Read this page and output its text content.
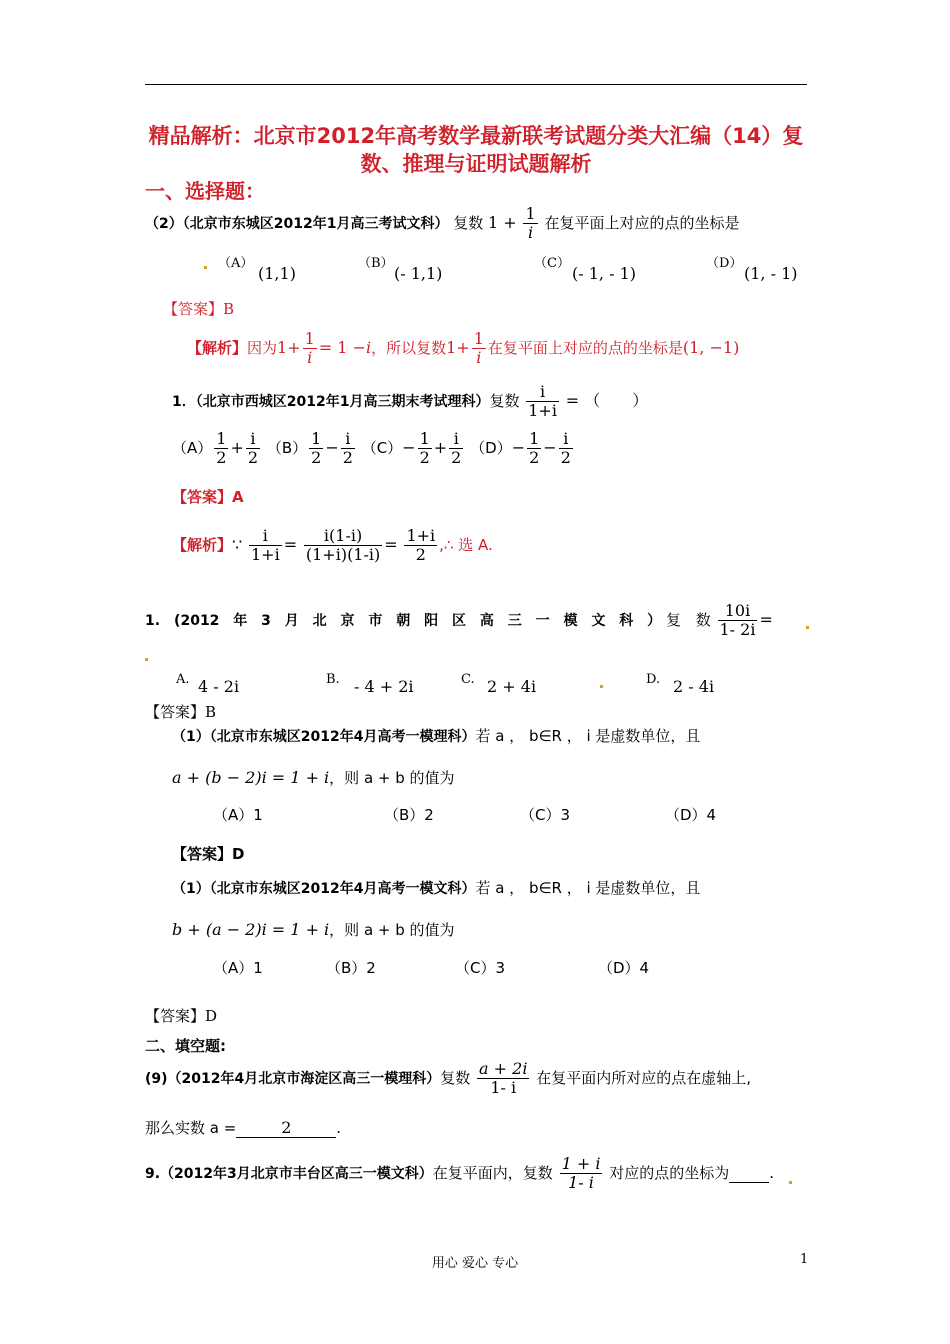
精品解析：北京市2012年高考数学最新联考试题分类大汇编（14）复数、推理与证明试题解析
一、选择题：
（2）（北京市东城区2012年1月高三考试文科） 复数 $1 + \frac{1}{i}$ 在复平面上对应的点的坐标是
（A）
(1,1)
（B）
(- 1,1)
（C）
(- 1, - 1)
（D）
(1, - 1)
【答案】B
【解析】因为$1+ \frac{1}{i} = 1 -i$，所以复数$1+ \frac{1}{i}$ 在复平面上对应的点的坐标是(1, −1)
1．（北京市西城区2012年1月高三期末考试理科）复数 $\frac{i}{1+i}$ = （　　）
$(A) \frac{1}{2} + \frac{i}{2} (B) \frac{1}{2} - \frac{i}{2} (C)- \frac{1}{2} + \frac{i}{2} (D)- \frac{1}{2} - \frac{i}{2}$
【答案】A
【解析】∵ $\frac{i}{1+i} = \frac{i(1-i)}{(1+i)(1-i)} = \frac{1+i}{2}$ ,∴ 选 A.
1.　(2012 年 3 月 北 京 市 朝 阳 区 高 三 一 模 文 科 ） 复 数 $\frac{10i}{1- 2i}$ =
A. 4 - 2i	B. - 4 + 2i	C. 2 + 4i	D. 2 - 4i
【答案】B
（1）（北京市东城区2012年4月高考一模理科）若 a ， b∈R ， i 是虚数单位，且
a + (b − 2)i = 1 + i，则 a + b 的值为
（A）1	（B）2	（C）3	（D）4
【答案】D
（1）（北京市东城区2012年4月高考一模文科）若 a ， b∈R ， i 是虚数单位，且
b + (a − 2)i = 1 + i，则 a + b 的值为
（A）1	（B）2	（C）3	（D）4
【答案】D
二、填空题:
(9)（2012年4月北京市海淀区高三一模理科）复数 $\frac{a + 2i}{1- i}$ 在复平面内所对应的点在虚轴上,
那么实数 a =	2	.
9.（2012年3月北京市丰台区高三一模文科）在复平面内，复数 $\frac{1 + i}{1- i}$ 对应的点的坐标为	.
用心 爱心 专心	1
